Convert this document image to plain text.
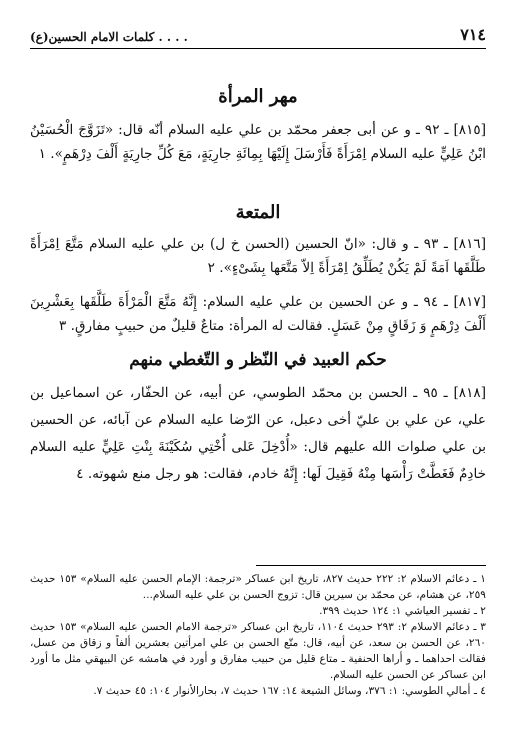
٧١٤
. . . . كلمات الامام الحسين(ع)
مهر المرأة
[٨١٥] ـ ٩٢ ـ و عن أبى جعفر محمّد بن علي عليه السلام أنّه قال: «تَزَوَّجَ الْحُسَيْنُ ابْنُ عَلِيٍّ عليه السلام اِمْرَأَةً فَأَرْسَلَ إِلَيْهَا بِمِائَةِ جارِيَةٍ، مَعَ كُلِّ جارِيَةٍ أَلْفَ دِرْهَمٍ». ١
المتعة
[٨١٦] ـ ٩٣ ـ و قال: «انّ الحسين (الحسن خ ل) بن علي عليه السلام مَتَّعَ اِمْرَأَةً طَلَّقَها اَمَةً لَمْ يَكُنْ يُطَلِّقُ اِمْرَأَةً اِلاّ مَتَّعَها بِشَىْءٍ». ٢
[٨١٧] ـ ٩٤ ـ و عن الحسين بن علي عليه السلام: إِنَّهُ مَتَّعَ الْمَرْأَةَ طَلَّقَها بِعَشْرِينَ أَلْفَ دِرْهَمٍ وَ زَقَاقٍ مِنْ عَسَلٍ. فقالت له المرأة: متاعٌ قليلٌ من حبيبٍ مفارقٍ. ٣
حكم العبيد في النّظر و التّغطي منهم
[٨١٨] ـ ٩٥ ـ الحسن بن محمّد الطوسي، عن أبيه، عن الحفّار، عن اسماعيل بن علي، عن علي بن عليّ أخى دعبل، عن الرّضا عليه السلام عن آبائه، عن الحسين بن علي صلوات الله عليهم قال: «أُدْخِلَ عَلى أُخْتِي سُكَيْنَةَ بِنْتِ عَلِيٍّ عليه السلام خادِمٌ فَغَطَّتْ رَأْسَها مِنْهُ فَقِيلَ لَها: إِنَّهُ خادم، فقالت: هو رجل منع شهوته. ٤

١ ـ دعائم الاسلام ٢: ٢٢٢ حديث ٨٢٧، تاريخ ابن عساكر «ترجمة: الإمام الحسن عليه السلام» ١٥٣ حديث ٢٥٩، عن هشام، عن محمّد بن سيرين قال: تزوج الحسن بن علي عليه السلام...

٢ ـ تفسير العياشي ١: ١٢٤ حديث ٣٩٩.

٣ ـ دعائم الاسلام ٢: ٢٩٣ حديث ١١٠٤، تاريخ ابن عساكر «ترجمة الامام الحسن عليه السلام» ١٥٣ حديث ٢٦٠، عن الحسن بن سعد، عن أبيه، قال: متّع الحسن بن علي امرأتين بعشرين ألفاً و زقاق من عسل، فقالت احداهما ـ و أراها الحنفية ـ متاع قليل من حبيب مفارق و أورد في هامشه عن البيهقي مثل ما أورد ابن عساكر عن الحسن عليه السلام.

٤ ـ أمالي الطوسي: ١: ٣٧٦، وسائل الشيعة ١٤: ١٦٧ حديث ٧، بحارالأنوار ١٠٤: ٤٥ حديث ٧.
